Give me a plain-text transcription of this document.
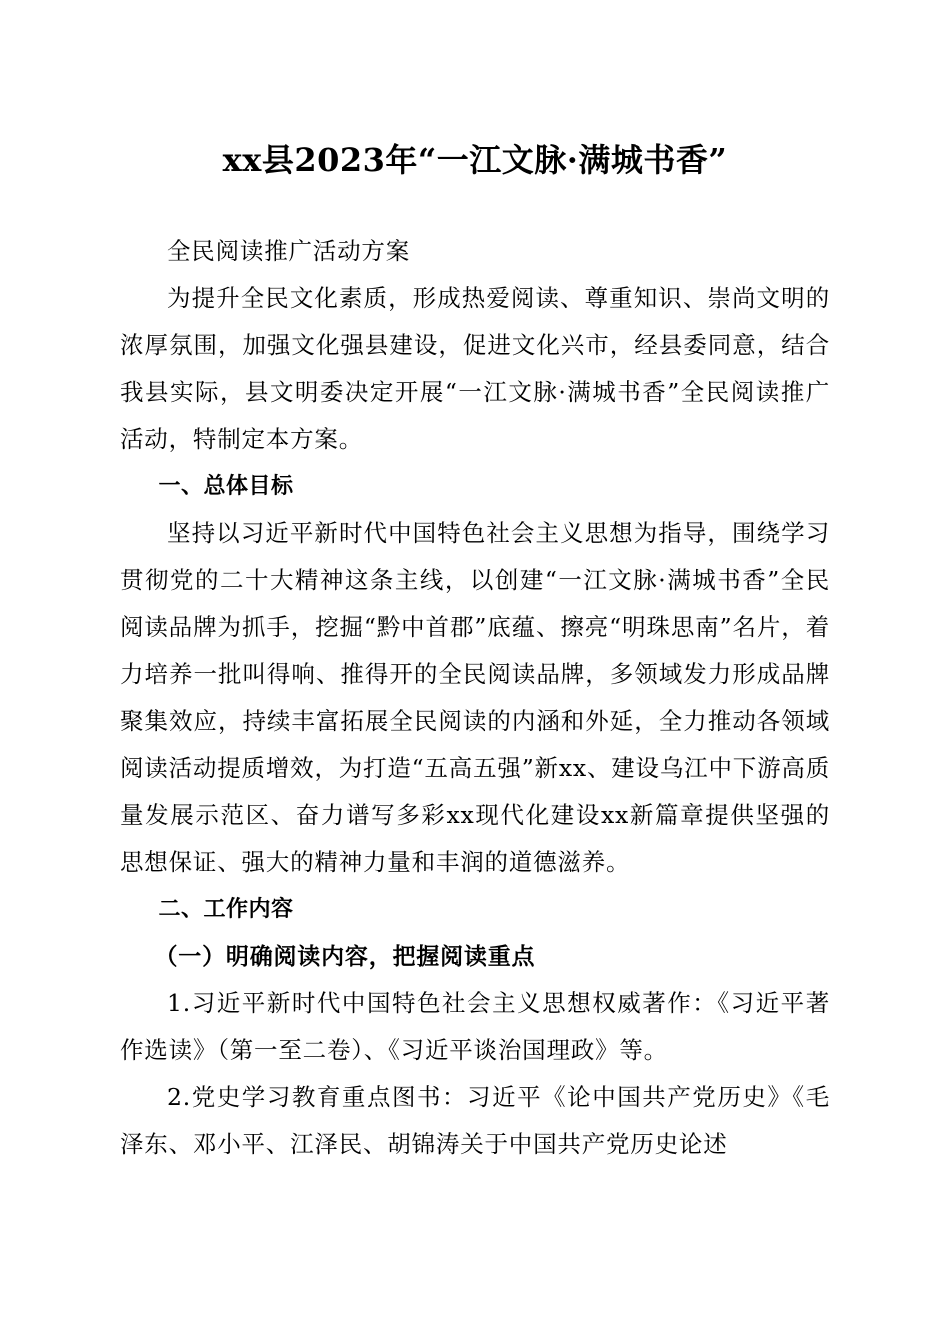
xx县2023年“一江文脉·满城书香”

全民阅读推广活动方案

为提升全民文化素质，形成热爱阅读、尊重知识、崇尚文明的浓厚氛围，加强文化强县建设，促进文化兴市，经县委同意，结合我县实际，县文明委决定开展“一江文脉·满城书香”全民阅读推广活动，特制定本方案。

一、总体目标

坚持以习近平新时代中国特色社会主义思想为指导，围绕学习贯彻党的二十大精神这条主线，以创建“一江文脉·满城书香”全民阅读品牌为抓手，挖掘“黔中首郡”底蕴、擦亮“明珠思南”名片，着力培养一批叫得响、推得开的全民阅读品牌，多领域发力形成品牌聚集效应，持续丰富拓展全民阅读的内涵和外延，全力推动各领域阅读活动提质增效，为打造“五高五强”新xx、建设乌江中下游高质量发展示范区、奋力谱写多彩xx现代化建设xx新篇章提供坚强的思想保证、强大的精神力量和丰润的道德滋养。

二、工作内容

（一）明确阅读内容，把握阅读重点

1.习近平新时代中国特色社会主义思想权威著作：《习近平著作选读》（第一至二卷）、《习近平谈治国理政》等。

2.党史学习教育重点图书：习近平《论中国共产党历史》《毛泽东、邓小平、江泽民、胡锦涛关于中国共产党历史论述
